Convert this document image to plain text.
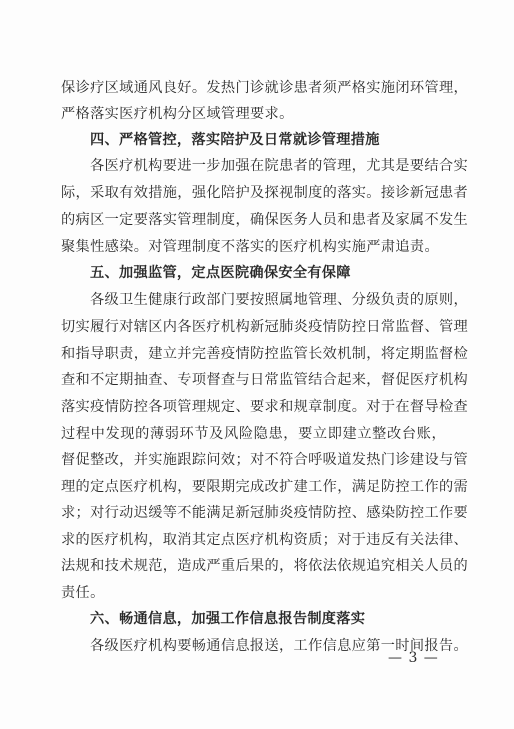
保诊疗区域通风良好。发热门诊就诊患者须严格实施闭环管理，
严格落实医疗机构分区域管理要求。
四、严格管控，落实陪护及日常就诊管理措施
各医疗机构要进一步加强在院患者的管理，尤其是要结合实
际，采取有效措施，强化陪护及探视制度的落实。接诊新冠患者
的病区一定要落实管理制度，确保医务人员和患者及家属不发生
聚集性感染。对管理制度不落实的医疗机构实施严肃追责。
五、加强监管，定点医院确保安全有保障
各级卫生健康行政部门要按照属地管理、分级负责的原则，
切实履行对辖区内各医疗机构新冠肺炎疫情防控日常监督、管理
和指导职责，建立并完善疫情防控监管长效机制，将定期监督检
查和不定期抽查、专项督查与日常监管结合起来，督促医疗机构
落实疫情防控各项管理规定、要求和规章制度。对于在督导检查
过程中发现的薄弱环节及风险隐患，要立即建立整改台账，
督促整改，并实施跟踪问效；对不符合呼吸道发热门诊建设与管
理的定点医疗机构，要限期完成改扩建工作，满足防控工作的需
求；对行动迟缓等不能满足新冠肺炎疫情防控、感染防控工作要
求的医疗机构，取消其定点医疗机构资质；对于违反有关法律、
法规和技术规范，造成严重后果的，将依法依规追究相关人员的
责任。
六、畅通信息，加强工作信息报告制度落实
各级医疗机构要畅通信息报送，工作信息应第一时间报告。
— 3 —
